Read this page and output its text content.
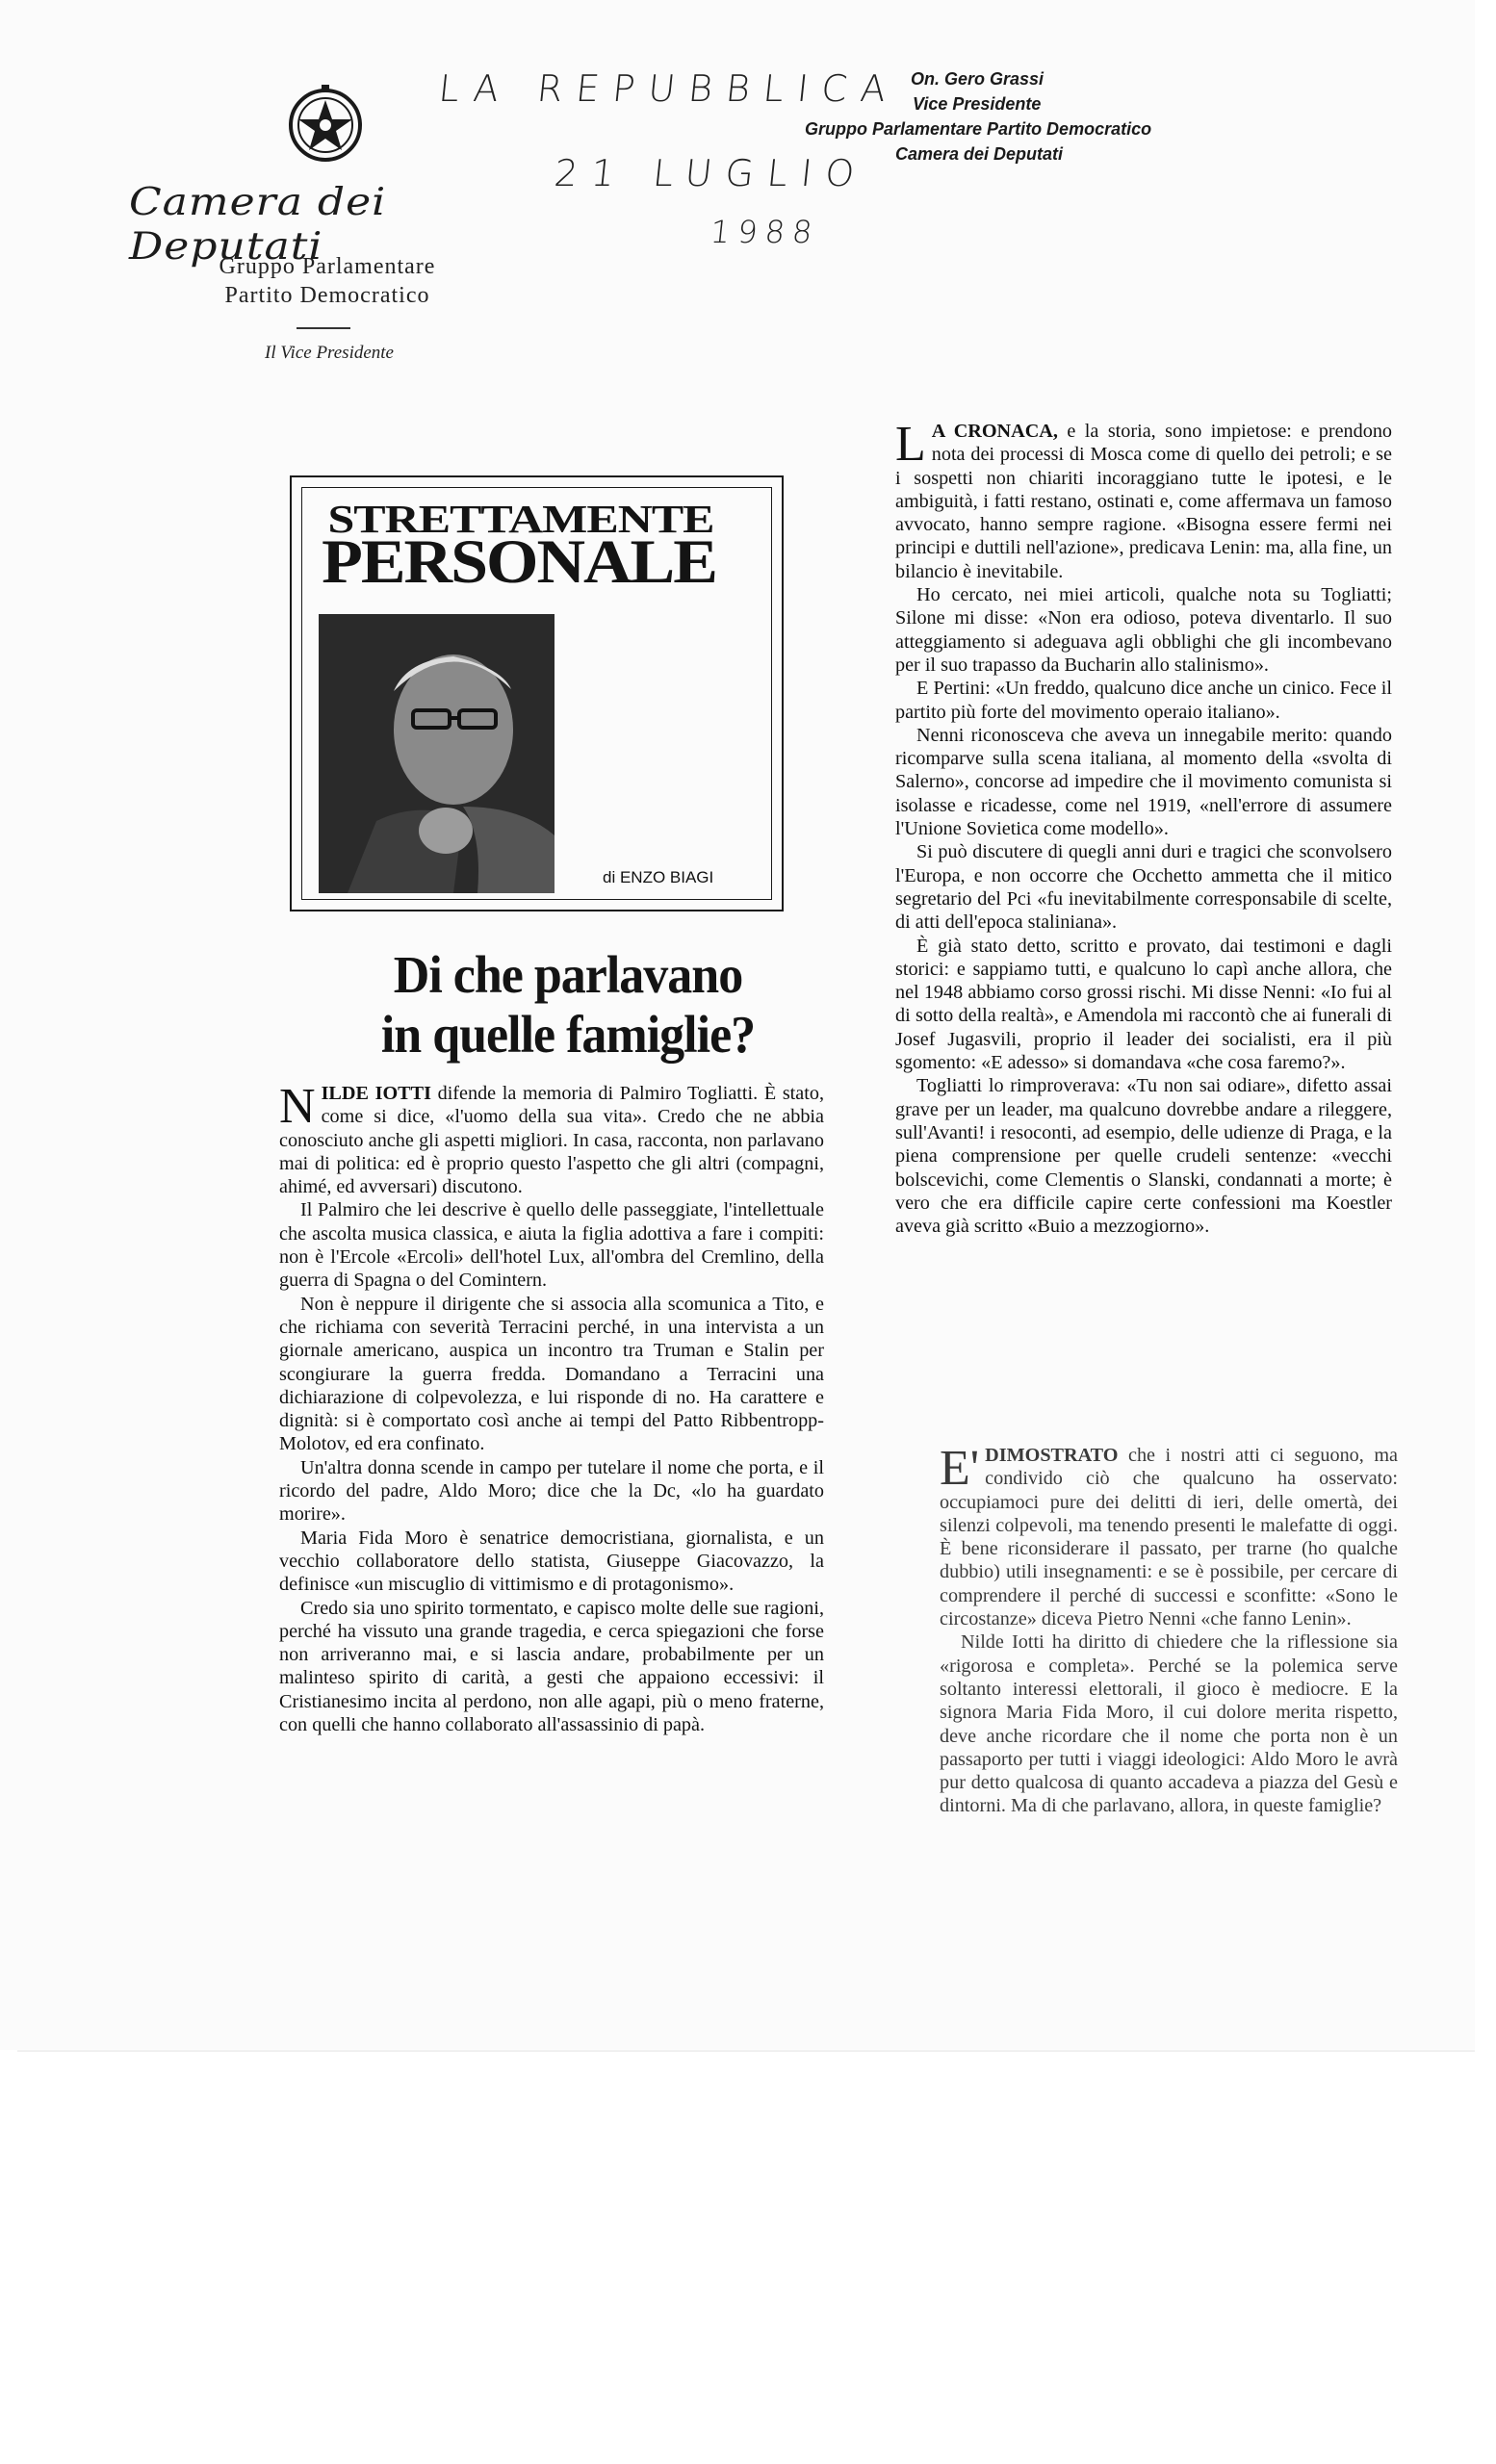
Camera dei Deputati
Gruppo Parlamentare
Partito Democratico
Il Vice Presidente
LA REPUBBLICA
21 LUGLIO
1988
On. Gero Grassi
Vice Presidente
Gruppo Parlamentare Partito Democratico
Camera dei Deputati
STRETTAMENTE
PERSONALE
di ENZO BIAGI
Di che parlavano
in quelle famiglie?

NILDE IOTTI difende la memoria di Palmiro Togliatti. È stato, come si dice, «l'uomo della sua vita». Credo che ne abbia conosciuto anche gli aspetti migliori. In casa, racconta, non parlavano mai di politica: ed è proprio questo l'aspetto che gli altri (compagni, ahimé, ed avversari) discutono.

Il Palmiro che lei descrive è quello delle passeggiate, l'intellettuale che ascolta musica classica, e aiuta la figlia adottiva a fare i compiti: non è l'Ercole «Ercoli» dell'hotel Lux, all'ombra del Cremlino, della guerra di Spagna o del Comintern.

Non è neppure il dirigente che si associa alla scomunica a Tito, e che richiama con severità Terracini perché, in una intervista a un giornale americano, auspica un incontro tra Truman e Stalin per scongiurare la guerra fredda. Domandano a Terracini una dichiarazione di colpevolezza, e lui risponde di no. Ha carattere e dignità: si è comportato così anche ai tempi del Patto Ribbentropp-Molotov, ed era confinato.

Un'altra donna scende in campo per tutelare il nome che porta, e il ricordo del padre, Aldo Moro; dice che la Dc, «lo ha guardato morire».

Maria Fida Moro è senatrice democristiana, giornalista, e un vecchio collaboratore dello statista, Giuseppe Giacovazzo, la definisce «un miscuglio di vittimismo e di protagonismo».

Credo sia uno spirito tormentato, e capisco molte delle sue ragioni, perché ha vissuto una grande tragedia, e cerca spiegazioni che forse non arriveranno mai, e si lascia andare, probabilmente per un malinteso spirito di carità, a gesti che appaiono eccessivi: il Cristianesimo incita al perdono, non alle agapi, più o meno fraterne, con quelli che hanno collaborato all'assassinio di papà.

L A CRONACA, e la storia, sono impietose: e prendono nota dei processi di Mosca come di quello dei petroli; e se i sospetti non chiariti incoraggiano tutte le ipotesi, e le ambiguità, i fatti restano, ostinati e, come affermava un famoso avvocato, hanno sempre ragione. «Bisogna essere fermi nei principi e duttili nell'azione», predicava Lenin: ma, alla fine, un bilancio è inevitabile.

Ho cercato, nei miei articoli, qualche nota su Togliatti; Silone mi disse: «Non era odioso, poteva diventarlo. Il suo atteggiamento si adeguava agli obblighi che gli incombevano per il suo trapasso da Bucharin allo stalinismo».

E Pertini: «Un freddo, qualcuno dice anche un cinico. Fece il partito più forte del movimento operaio italiano».

Nenni riconosceva che aveva un innegabile merito: quando ricomparve sulla scena italiana, al momento della «svolta di Salerno», concorse ad impedire che il movimento comunista si isolasse e ricadesse, come nel 1919, «nell'errore di assumere l'Unione Sovietica come modello».

Si può discutere di quegli anni duri e tragici che sconvolsero l'Europa, e non occorre che Occhetto ammetta che il mitico segretario del Pci «fu inevitabilmente corresponsabile di scelte, di atti dell'epoca staliniana».

È già stato detto, scritto e provato, dai testimoni e dagli storici: e sappiamo tutti, e qualcuno lo capì anche allora, che nel 1948 abbiamo corso grossi rischi. Mi disse Nenni: «Io fui al di sotto della realtà», e Amendola mi raccontò che ai funerali di Josef Jugasvili, proprio il leader dei socialisti, era il più sgomento: «E adesso» si domandava «che cosa faremo?».

Togliatti lo rimproverava: «Tu non sai odiare», difetto assai grave per un leader, ma qualcuno dovrebbe andare a rileggere, sull'Avanti! i resoconti, ad esempio, delle udienze di Praga, e la piena comprensione per quelle crudeli sentenze: «vecchi bolscevichi, come Clementis o Slanski, condannati a morte; è vero che era difficile capire certe confessioni ma Koestler aveva già scritto «Buio a mezzogiorno».

E' DIMOSTRATO che i nostri atti ci seguono, ma condivido ciò che qualcuno ha osservato: occupiamoci pure dei delitti di ieri, delle omertà, dei silenzi colpevoli, ma tenendo presenti le malefatte di oggi. È bene riconsiderare il passato, per trarne (ho qualche dubbio) utili insegnamenti: e se è possibile, per cercare di comprendere il perché di successi e sconfitte: «Sono le circostanze» diceva Pietro Nenni «che fanno Lenin».

Nilde Iotti ha diritto di chiedere che la riflessione sia «rigorosa e completa». Perché se la polemica serve soltanto interessi elettorali, il gioco è mediocre. E la signora Maria Fida Moro, il cui dolore merita rispetto, deve anche ricordare che il nome che porta non è un passaporto per tutti i viaggi ideologici: Aldo Moro le avrà pur detto qualcosa di quanto accadeva a piazza del Gesù e dintorni. Ma di che parlavano, allora, in queste famiglie?
